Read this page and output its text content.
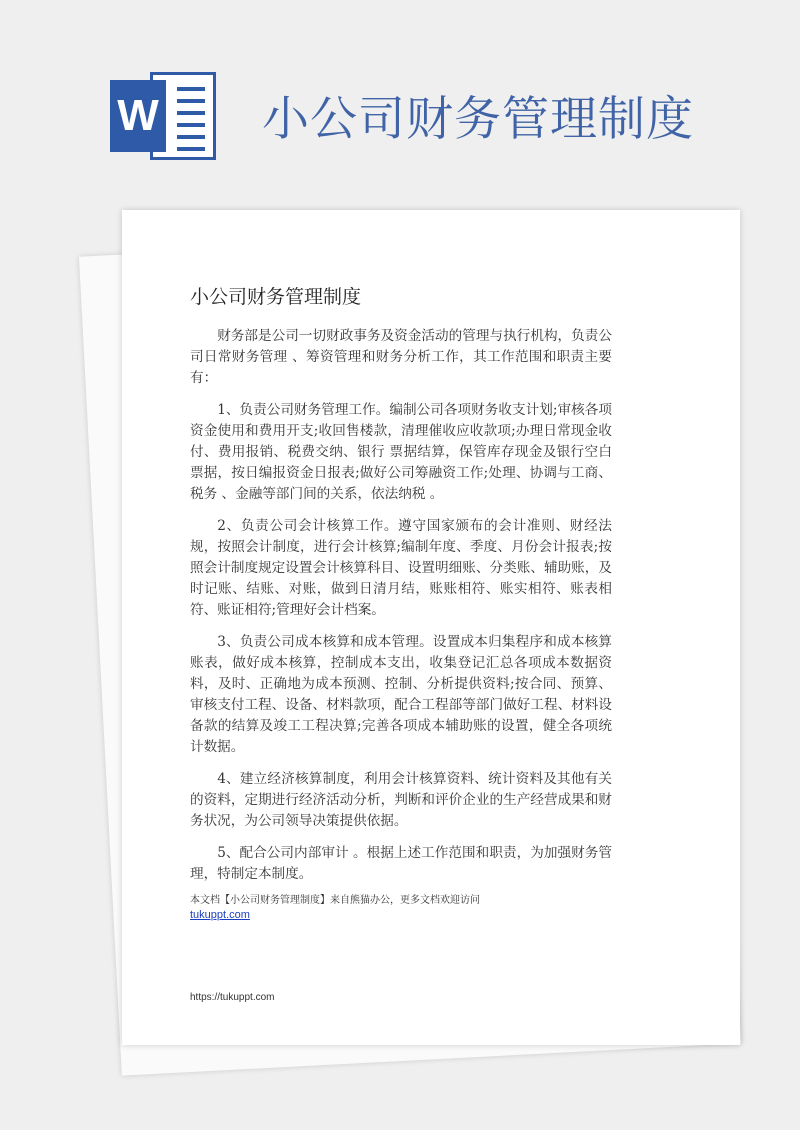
W 小公司财务管理制度
小公司财务管理制度

财务部是公司一切财政事务及资金活动的管理与执行机构，负责公司日常财务管理 、筹资管理和财务分析工作，其工作范围和职责主要有：

1、负责公司财务管理工作。编制公司各项财务收支计划;审核各项资金使用和费用开支;收回售楼款，清理催收应收款项;办理日常现金收付、费用报销、税费交纳、银行 票据结算，保管库存现金及银行空白票据，按日编报资金日报表;做好公司筹融资工作;处理、协调与工商、税务 、金融等部门间的关系，依法纳税 。

2、负责公司会计核算工作。遵守国家颁布的会计准则、财经法规，按照会计制度，进行会计核算;编制年度、季度、月份会计报表;按照会计制度规定设置会计核算科目、设置明细账、分类账、辅助账，及时记账、结账、对账，做到日清月结，账账相符、账实相符、账表相符、账证相符;管理好会计档案。

3、负责公司成本核算和成本管理。设置成本归集程序和成本核算账表，做好成本核算，控制成本支出，收集登记汇总各项成本数据资料，及时、正确地为成本预测、控制、分析提供资料;按合同、预算、审核支付工程、设备、材料款项，配合工程部等部门做好工程、材料设备款的结算及竣工工程决算;完善各项成本辅助账的设置，健全各项统计数据。

4、建立经济核算制度，利用会计核算资料、统计资料及其他有关的资料，定期进行经济活动分析，判断和评价企业的生产经营成果和财务状况，为公司领导决策提供依据。

5、配合公司内部审计 。根据上述工作范围和职责，为加强财务管理，特制定本制度。

本文档【小公司财务管理制度】来自熊猫办公，更多文档欢迎访问
tukuppt.com
https://tukuppt.com
